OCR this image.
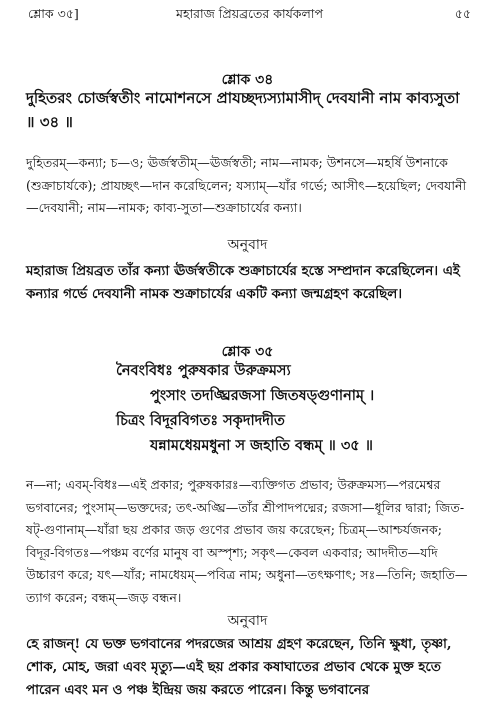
শ্লোক ৩৫]	মহারাজ প্রিয়ব্রতের কার্যকলাপ	৫৫
শ্লোক ৩৪
দুহিতরং চোর্জস্বতীং নামোশনসে প্রাযচ্ছদ্যস্যামাসীদ্ দেবযানী নাম কাব্যসুতা ॥ ৩৪ ॥
দুহিতরম্—কন্যা; চ—ও; ঊর্জস্বতীম্—ঊর্জস্বতী; নাম—নামক; উশনসে—মহর্ষি উশনাকে (শুক্রাচার্যকে); প্রাযচ্ছৎ—দান করেছিলেন; যস্যাম্—যাঁর গর্ভে; আসীৎ—হয়েছিল; দেবযানী—দেবযানী; নাম—নামক; কাব্য-সুতা—শুক্রাচার্যের কন্যা।
অনুবাদ
মহারাজ প্রিয়ব্রত তাঁর কন্যা ঊর্জস্বতীকে শুক্রাচার্যের হস্তে সম্প্রদান করেছিলেন। এই কন্যার গর্ভে দেবযানী নামক শুক্রাচার্যের একটি কন্যা জন্মগ্রহণ করেছিল।
শ্লোক ৩৫
নৈবংবিধঃ পুরুষকার উরুক্রমস্য
পুংসাং তদঙ্ঘ্রিরজসা জিতষড্গুণানাম্ ।
চিত্রং বিদূরবিগতঃ সকৃদাদদীত
যন্নামধেয়মধুনা স জহাতি বন্ধম্ ॥ ৩৫ ॥
ন—না; এবম্-বিধঃ—এই প্রকার; পুরুষকারঃ—ব্যক্তিগত প্রভাব; উরুক্রমস্য—পরমেশ্বর ভগবানের; পুংসাম্—ভক্তদের; তৎ-অঙ্ঘ্রি—তাঁর শ্রীপাদপদ্মের; রজসা—ধূলির দ্বারা; জিত-ষট্-গুণানাম্—যাঁরা ছয় প্রকার জড় গুণের প্রভাব জয় করেছেন; চিত্রম্—আশ্চর্যজনক; বিদূর-বিগতঃ—পঞ্চম বর্ণের মানুষ বা অস্পৃশ্য; সকৃৎ—কেবল একবার; আদদীত—যদি উচ্চারণ করে; যৎ—যাঁর; নামধেয়ম্—পবিত্র নাম; অধুনা—তৎক্ষণাৎ; সঃ—তিনি; জহাতি—ত্যাগ করেন; বন্ধম্—জড় বন্ধন।
অনুবাদ
হে রাজন্! যে ভক্ত ভগবানের পদরজের আশ্রয় গ্রহণ করেছেন, তিনি ক্ষুধা, তৃষ্ণা, শোক, মোহ, জরা এবং মৃত্যু—এই ছয় প্রকার কষাঘাতের প্রভাব থেকে মুক্ত হতে পারেন এবং মন ও পঞ্চ ইন্দ্রিয় জয় করতে পারেন। কিন্তু ভগবানের
